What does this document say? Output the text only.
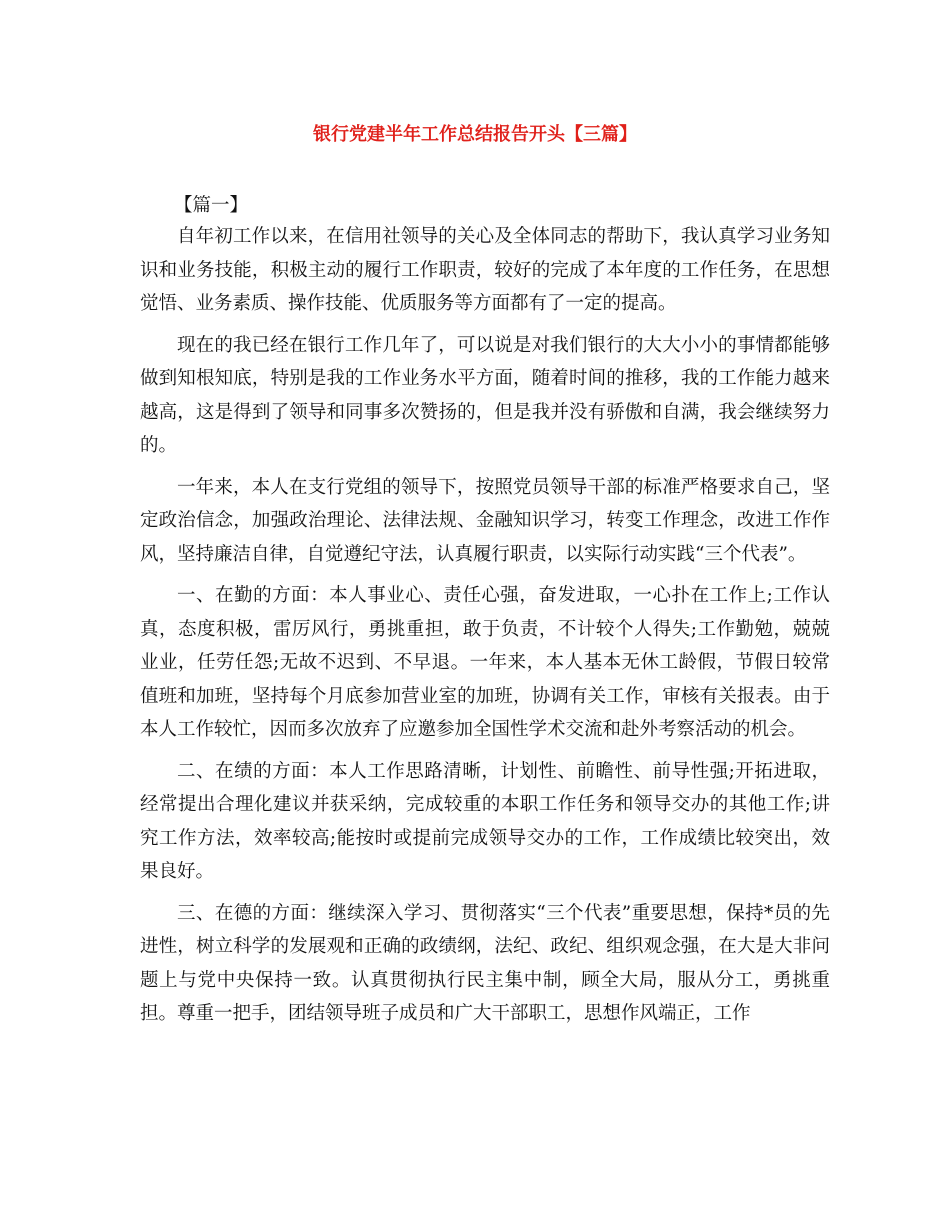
银行党建半年工作总结报告开头【三篇】
【篇一】

自年初工作以来，在信用社领导的关心及全体同志的帮助下，我认真学习业务知识和业务技能，积极主动的履行工作职责，较好的完成了本年度的工作任务，在思想觉悟、业务素质、操作技能、优质服务等方面都有了一定的提高。

现在的我已经在银行工作几年了，可以说是对我们银行的大大小小的事情都能够做到知根知底，特别是我的工作业务水平方面，随着时间的推移，我的工作能力越来越高，这是得到了领导和同事多次赞扬的，但是我并没有骄傲和自满，我会继续努力的。

一年来，本人在支行党组的领导下，按照党员领导干部的标准严格要求自己，坚定政治信念，加强政治理论、法律法规、金融知识学习，转变工作理念，改进工作作风，坚持廉洁自律，自觉遵纪守法，认真履行职责，以实际行动实践“三个代表”。

一、在勤的方面：本人事业心、责任心强，奋发进取，一心扑在工作上;工作认真，态度积极，雷厉风行，勇挑重担，敢于负责，不计较个人得失;工作勤勉，兢兢业业，任劳任怨;无故不迟到、不早退。一年来，本人基本无休工龄假，节假日较常值班和加班，坚持每个月底参加营业室的加班，协调有关工作，审核有关报表。由于本人工作较忙，因而多次放弃了应邀参加全国性学术交流和赴外考察活动的机会。

二、在绩的方面：本人工作思路清晰，计划性、前瞻性、前导性强;开拓进取，经常提出合理化建议并获采纳，完成较重的本职工作任务和领导交办的其他工作;讲究工作方法，效率较高;能按时或提前完成领导交办的工作，工作成绩比较突出，效果良好。

三、在德的方面：继续深入学习、贯彻落实“三个代表”重要思想，保持*员的先进性，树立科学的发展观和正确的政绩纲，法纪、政纪、组织观念强，在大是大非问题上与党中央保持一致。认真贯彻执行民主集中制，顾全大局，服从分工，勇挑重担。尊重一把手，团结领导班子成员和广大干部职工，思想作风端正，工作
